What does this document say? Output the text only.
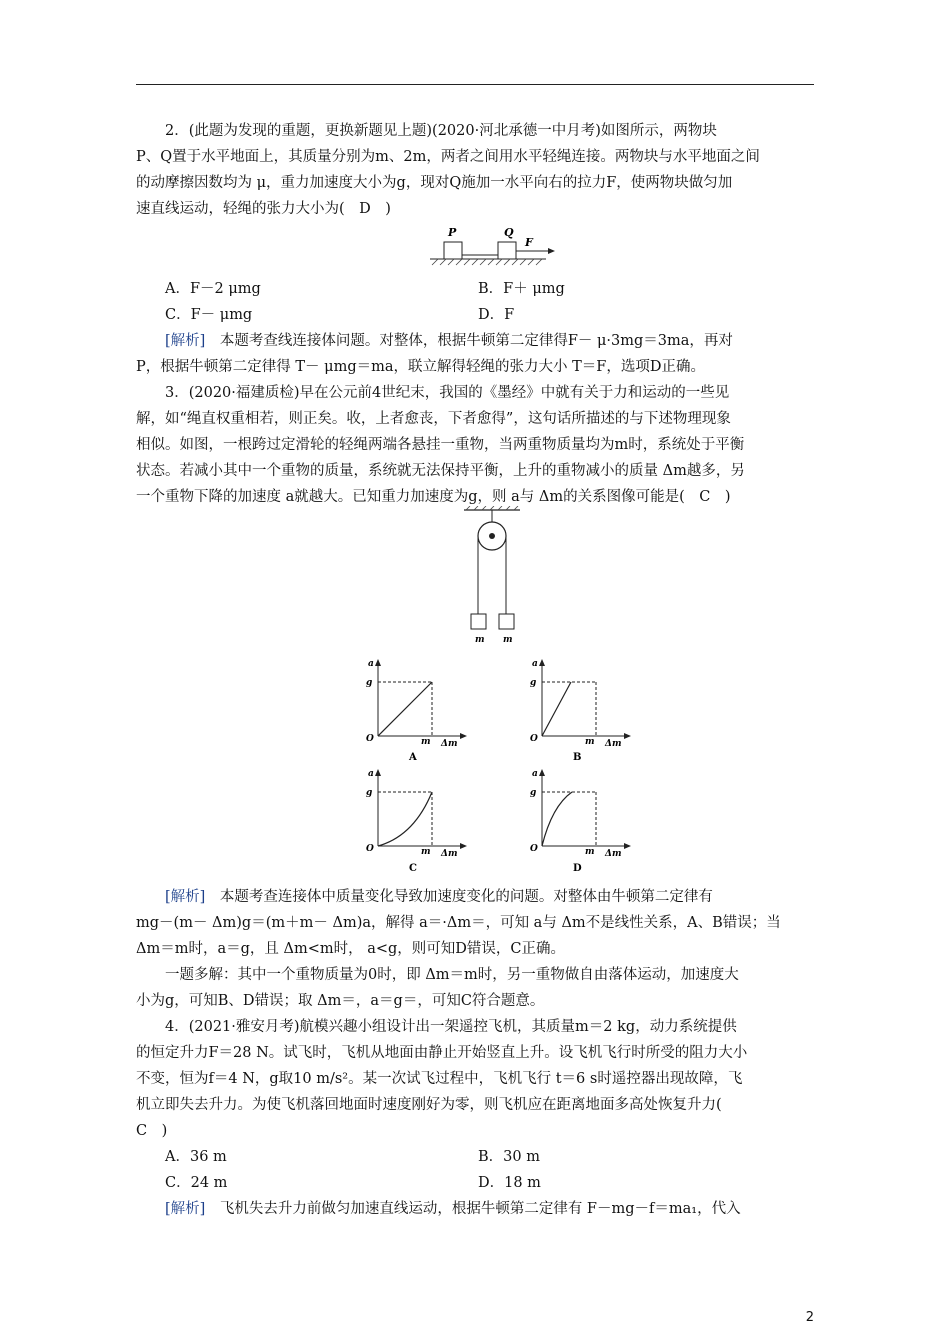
2．(此题为发现的重题，更换新题见上题)(2020·河北承德一中月考)如图所示，两物块
P、Q置于水平地面上，其质量分别为m、2m，两者之间用水平轻绳连接。两物块与水平地面之间
的动摩擦因数均为 μ，重力加速度大小为g，现对Q施加一水平向右的拉力F，使两物块做匀加
速直线运动，轻绳的张力大小为(　D　)
P	Q
F
A．F－2 μmg	B．F＋ μmg
C．F－ μmg	D．F
[解析]　本题考查线连接体问题。对整体，根据牛顿第二定律得F－ μ·3mg＝3ma，再对
P，根据牛顿第二定律得 T－ μmg＝ma，联立解得轻绳的张力大小 T＝F，选项D正确。
3．(2020·福建质检)早在公元前4世纪末，我国的《墨经》中就有关于力和运动的一些见
解，如“绳直权重相若，则正矣。收，上者愈丧，下者愈得”，这句话所描述的与下述物理现象
相似。如图，一根跨过定滑轮的轻绳两端各悬挂一重物，当两重物质量均为m时，系统处于平衡
状态。若减小其中一个重物的质量，系统就无法保持平衡，上升的重物减小的质量 Δm越多，另
一个重物下降的加速度 a就越大。已知重力加速度为g，则 a与 Δm的关系图像可能是(　C　)
m m
a
g
O	m Δm
A
a
g
O	m Δm
B
a
g
O	m Δm
C
a
g
O	m Δm
D
[解析]　本题考查连接体中质量变化导致加速度变化的问题。对整体由牛顿第二定律有
mg－(m－ Δm)g＝(m＋m－ Δm)a，解得 a＝·Δm＝，可知 a与 Δm不是线性关系，A、B错误；当
Δm＝m时，a＝g，且 Δm<m时， a<g，则可知D错误，C正确。
一题多解：其中一个重物质量为0时，即 Δm＝m时，另一重物做自由落体运动，加速度大
小为g，可知B、D错误；取 Δm＝，a＝g＝，可知C符合题意。
4．(2021·雅安月考)航模兴趣小组设计出一架遥控飞机，其质量m＝2 kg，动力系统提供
的恒定升力F＝28 N。试飞时，飞机从地面由静止开始竖直上升。设飞机飞行时所受的阻力大小
不变，恒为f＝4 N，g取10 m/s²。某一次试飞过程中，飞机飞行 t＝6 s时遥控器出现故障，飞
机立即失去升力。为使飞机落回地面时速度刚好为零，则飞机应在距离地面多高处恢复升力(
C　)
A．36 m	B．30 m
C．24 m	D．18 m
[解析]　飞机失去升力前做匀加速直线运动，根据牛顿第二定律有 F－mg－f＝ma₁，代入
2
